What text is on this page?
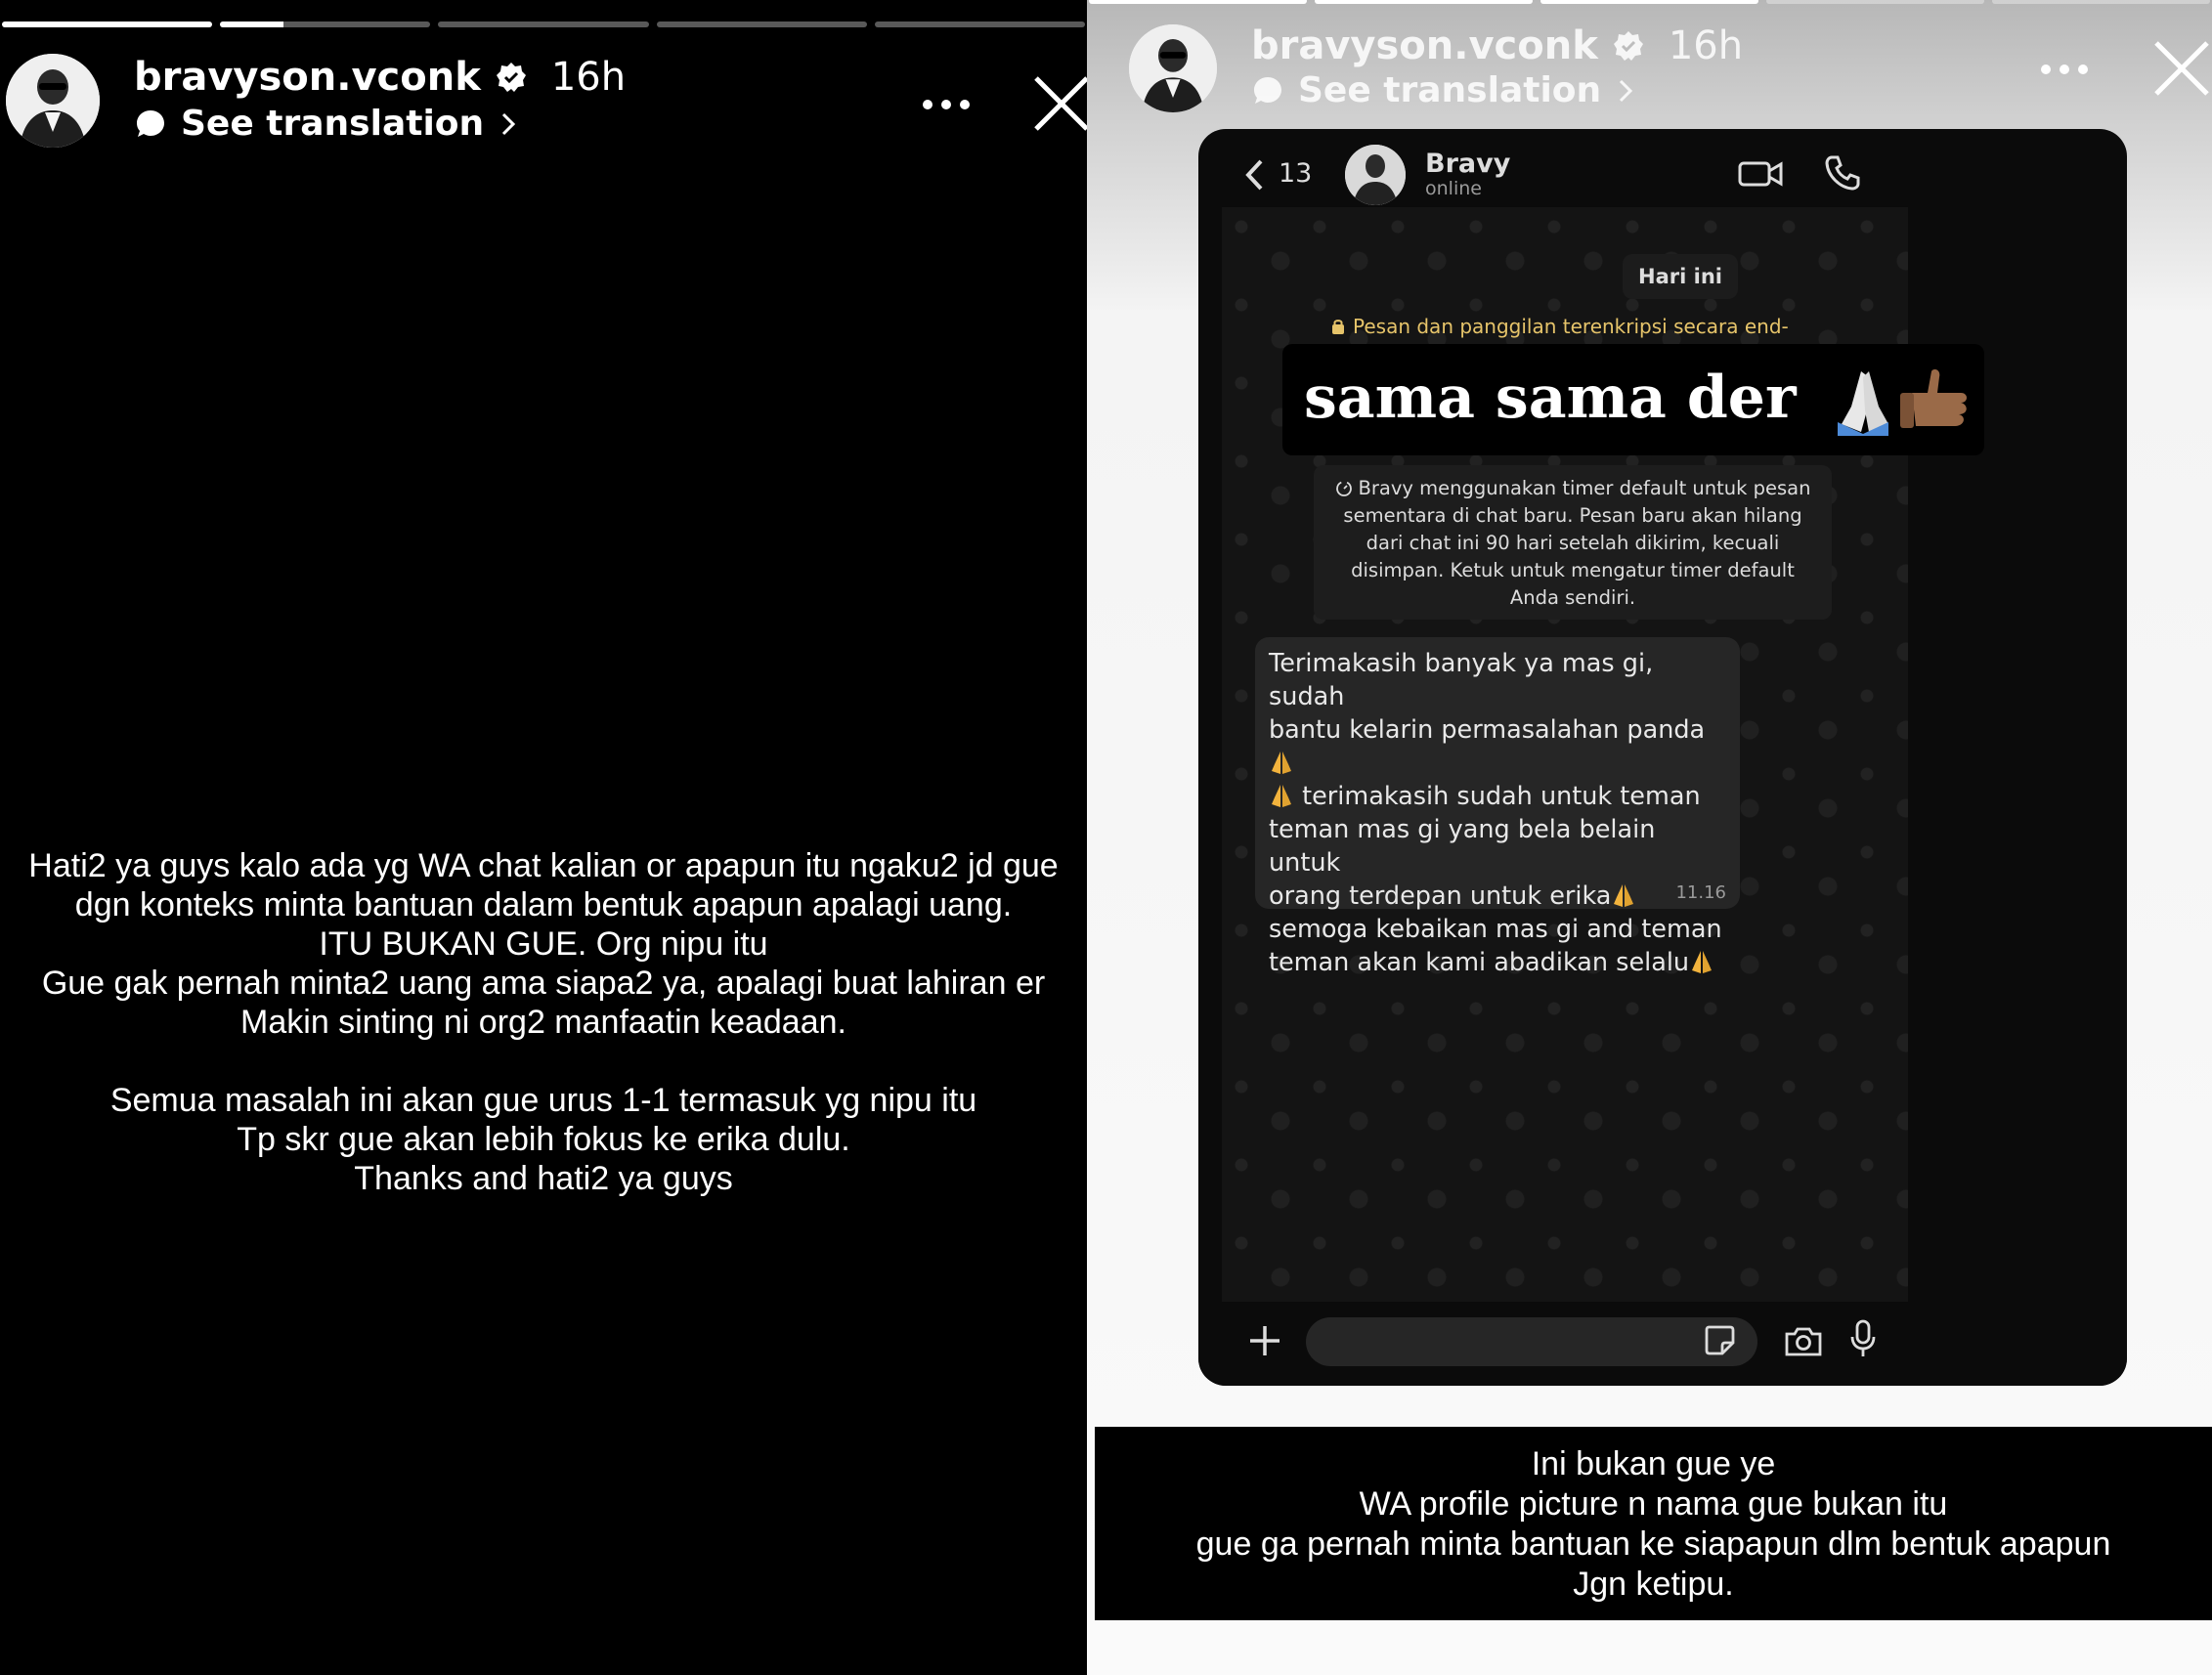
bravyson.vconk 16h
See translation
Hati2 ya guys kalo ada yg WA chat kalian or apapun itu ngaku2 jd gue
dgn konteks minta bantuan dalam bentuk apapun apalagi uang.
ITU BUKAN GUE. Org nipu itu
Gue gak pernah minta2 uang ama siapa2 ya, apalagi buat lahiran er
Makin sinting ni org2 manfaatin keadaan.
Semua masalah ini akan gue urus 1-1 termasuk yg nipu itu
Tp skr gue akan lebih fokus ke erika dulu.
Thanks and hati2 ya guys
bravyson.vconk 16h
See translation
13	Bravy
online
Hari ini
Pesan dan panggilan terenkripsi secara end-
sama sama der
Bravy menggunakan timer default untuk pesan sementara di chat baru. Pesan baru akan hilang dari chat ini 90 hari setelah dikirim, kecuali disimpan. Ketuk untuk mengatur timer default Anda sendiri.
Terimakasih banyak ya mas gi, sudah
bantu kelarin permasalahan panda
terimakasih sudah untuk teman
teman mas gi yang bela belain untuk
orang terdepan untuk erika
semoga kebaikan mas gi and teman
teman akan kami abadikan selalu
11.16
Ini bukan gue ye
WA profile picture n nama gue bukan itu
gue ga pernah minta bantuan ke siapapun dlm bentuk apapun
Jgn ketipu.
